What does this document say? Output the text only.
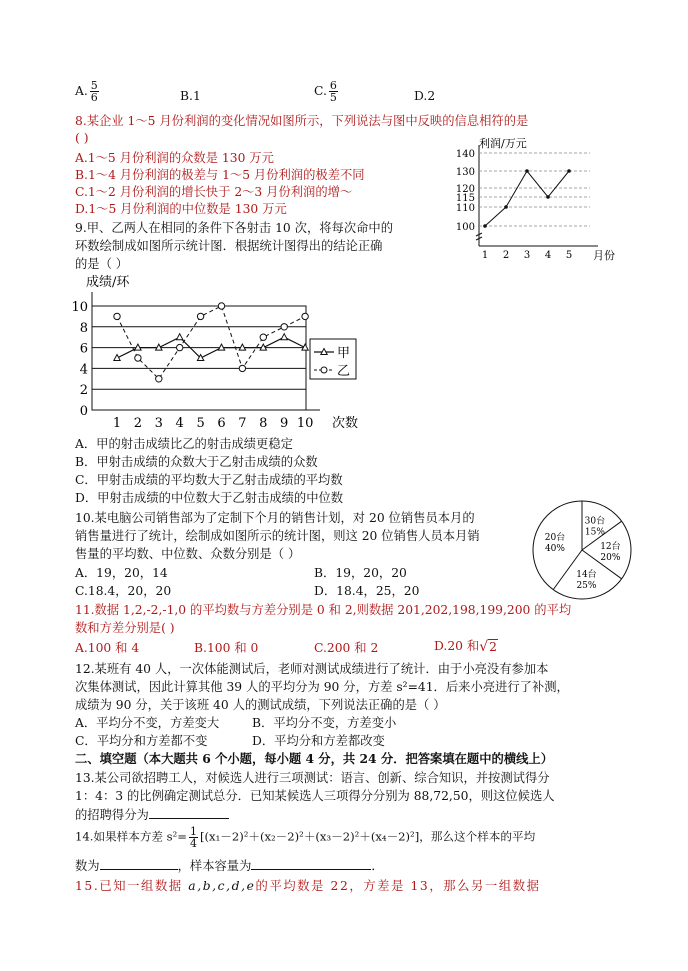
A. $\frac{5}{6}$	B.1	C. $\frac{6}{5}$	D.2
8.某企业 1～5 月份利润的变化情况如图所示，下列说法与图中反映的信息相符的是
( )
A.1～5 月份利润的众数是 130 万元
B.1～4 月份利润的极差与 1～5 月份利润的极差不同
C.1～2 月份利润的增长快于 2～3 月份利润的增～
D.1～5 月份利润的中位数是 130 万元
利润/万元
100
110
115
120
130
140
1 2 3 4 5 月份
9.甲、乙两人在相同的条件下各射击 10 次，将每次命中的
环数绘制成如图所示统计图．根据统计图得出的结论正确
的是（ ）
成绩/环
0
2
4
6
8
10
1 2 3 4 5 6 7 8 9 10
甲
乙
次数
A．甲的射击成绩比乙的射击成绩更稳定
B．甲射击成绩的众数大于乙射击成绩的众数
C．甲射击成绩的平均数大于乙射击成绩的平均数
D．甲射击成绩的中位数大于乙射击成绩的中位数
10.某电脑公司销售部为了定制下个月的销售计划，对 20 位销售员本月的
销售量进行了统计，绘制成如图所示的统计图，则这 20 位销售人员本月销
售量的平均数、中位数、众数分别是（ ）
A．19，20，14	B．19，20，20
C.18.4，20，20	D．18.4，25，20
30台
15%
12台
20%
14台
25%
20台
40%
11.数据 1,2,-2,-1,0 的平均数与方差分别是 0 和 2,则数据 201,202,198,199,200 的平均
数和方差分别是( )
A.100 和 4	B.100 和 0	C.200 和 2	D.20 和√2
12.某班有 40 人，一次体能测试后，老师对测试成绩进行了统计．由于小亮没有参加本
次集体测试，因此计算其他 39 人的平均分为 90 分，方差 s²=41．后来小亮进行了补测，
成绩为 90 分，关于该班 40 人的测试成绩，下列说法正确的是（ ）
A．平均分不变，方差变大	B．平均分不变，方差变小
C．平均分和方差都不变	D．平均分和方差都改变
二、填空题（本大题共 6 个小题，每小题 4 分，共 24 分．把答案填在题中的横线上）
13.某公司欲招聘工人，对候选人进行三项测试：语言、创新、综合知识，并按测试得分
1：4：3 的比例确定测试总分．已知某候选人三项得分分别为 88,72,50，则这位候选人
的招聘得分为
14.如果样本方差 $s^2= \frac{1}{4} [(x_1-2)^2+(x_2-2)^2+(x_3-2)^2+(x_4-2)^2]$，那么这个样本的平均
数为	，样本容量为	．
15.已知一组数据 a,b,c,d,e的平均数是 22，方差是 13，那么另一组数据
